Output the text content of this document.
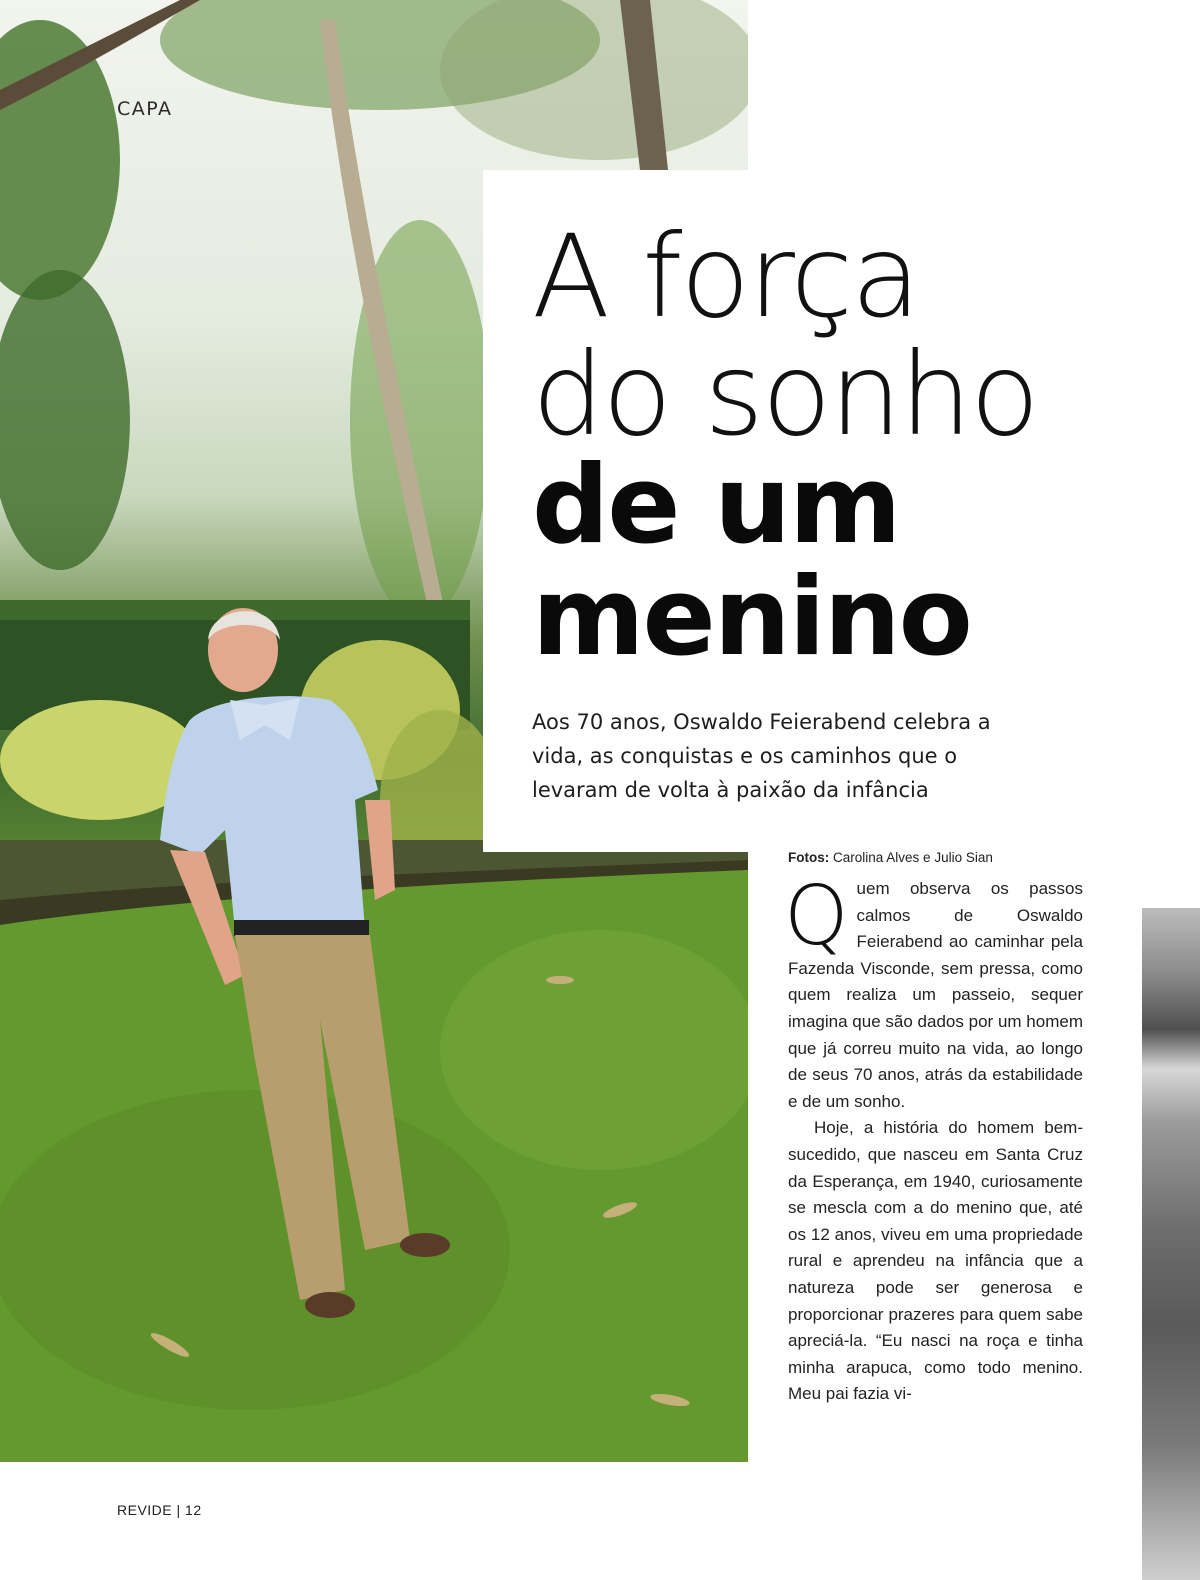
CAPA
A força
do sonho
de um
menino

Aos 70 anos, Oswaldo Feierabend celebra a vida, as conquistas e os caminhos que o levaram de volta à paixão da infância

Fotos: Carolina Alves e Julio Sian

Quem observa os passos calmos de Oswaldo Feierabend ao caminhar pela Fazenda Visconde, sem pressa, como quem realiza um passeio, sequer imagina que são dados por um homem que já correu muito na vida, ao longo de seus 70 anos, atrás da estabilidade e de um sonho.

Hoje, a história do homem bem-sucedido, que nasceu em Santa Cruz da Esperança, em 1940, curiosamente se mescla com a do menino que, até os 12 anos, viveu em uma propriedade rural e aprendeu na infância que a natureza pode ser generosa e proporcionar prazeres para quem sabe apreciá-la. “Eu nasci na roça e tinha minha arapuca, como todo menino. Meu pai fazia vi-

REVIDE | 12
